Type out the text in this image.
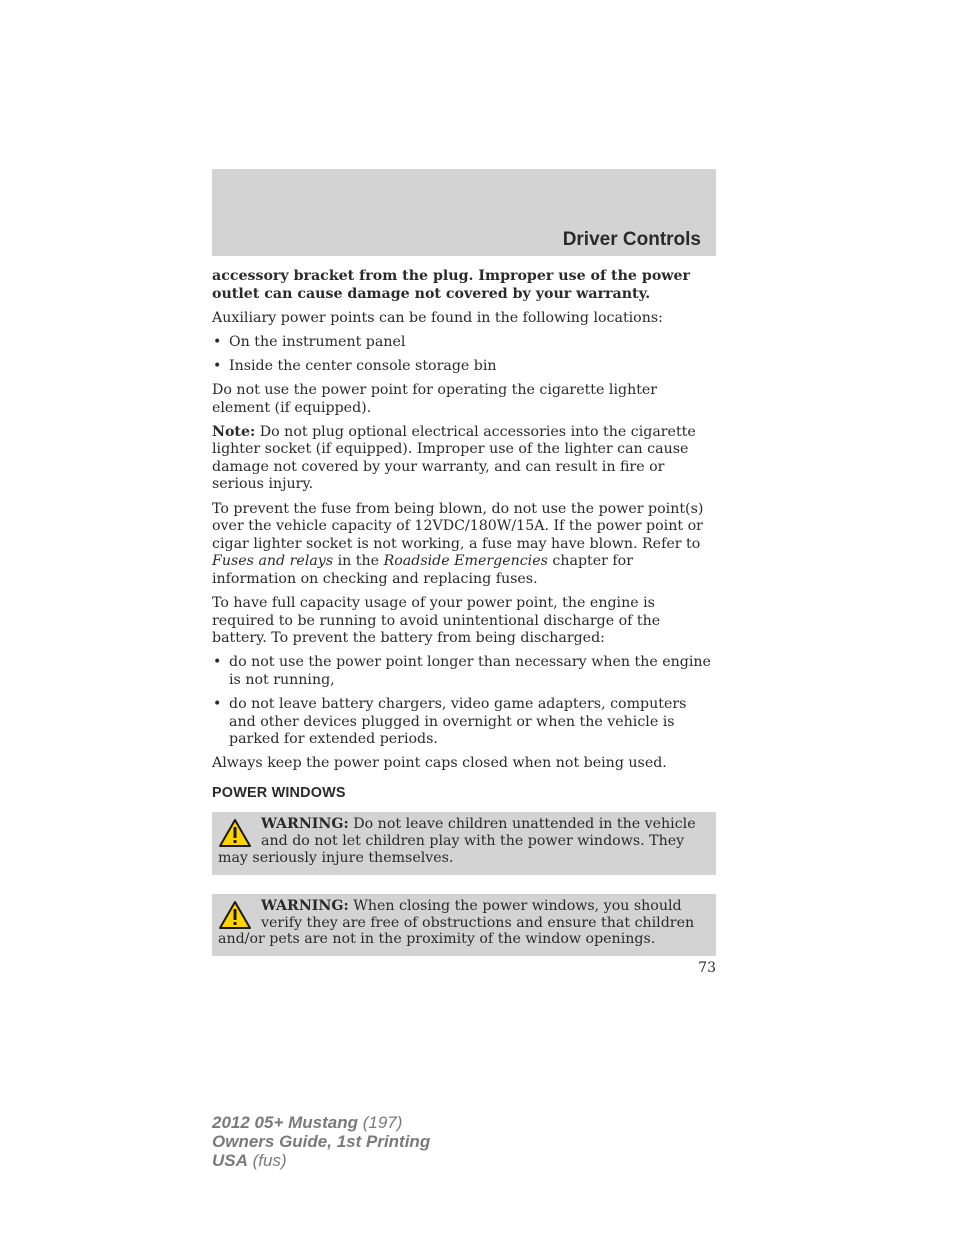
Driver Controls

accessory bracket from the plug. Improper use of the power outlet can cause damage not covered by your warranty.

Auxiliary power points can be found in the following locations:

• On the instrument panel
• Inside the center console storage bin

Do not use the power point for operating the cigarette lighter element (if equipped).

Note: Do not plug optional electrical accessories into the cigarette lighter socket (if equipped). Improper use of the lighter can cause damage not covered by your warranty, and can result in fire or serious injury.

To prevent the fuse from being blown, do not use the power point(s) over the vehicle capacity of 12VDC/180W/15A. If the power point or cigar lighter socket is not working, a fuse may have blown. Refer to Fuses and relays in the Roadside Emergencies chapter for information on checking and replacing fuses.

To have full capacity usage of your power point, the engine is required to be running to avoid unintentional discharge of the battery. To prevent the battery from being discharged:

• do not use the power point longer than necessary when the engine is not running,
• do not leave battery chargers, video game adapters, computers and other devices plugged in overnight or when the vehicle is parked for extended periods.

Always keep the power point caps closed when not being used.

POWER WINDOWS
WARNING: Do not leave children unattended in the vehicle and do not let children play with the power windows. They may seriously injure themselves.
WARNING: When closing the power windows, you should verify they are free of obstructions and ensure that children and/or pets are not in the proximity of the window openings.
73
2012 05+ Mustang (197)
Owners Guide, 1st Printing
USA (fus)
